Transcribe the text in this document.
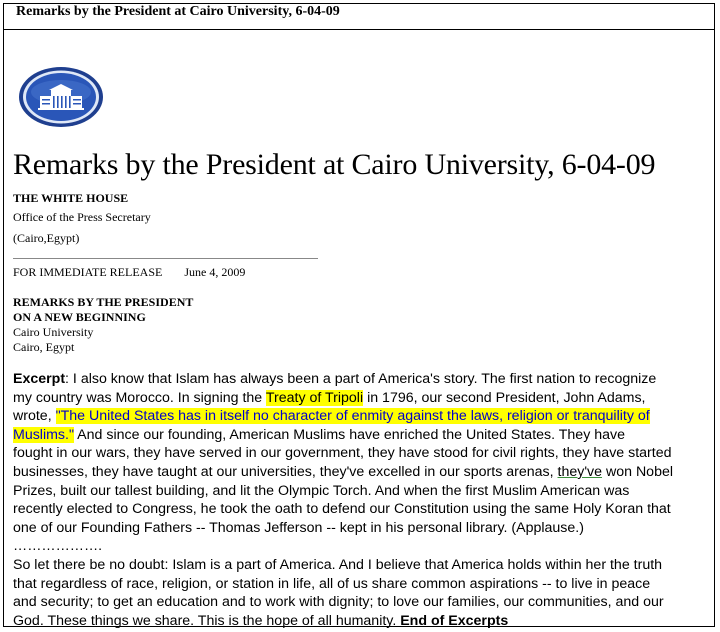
Remarks by the President at Cairo University, 6-04-09
Remarks by the President at Cairo University, 6-04-09
THE WHITE HOUSE
Office of the Press Secretary
(Cairo,Egypt)
FOR IMMEDIATE RELEASE June 4, 2009
REMARKS BY THE PRESIDENT
ON A NEW BEGINNING
Cairo University
Cairo, Egypt
Excerpt: I also know that Islam has always been a part of America's story. The first nation to recognize
my country was Morocco. In signing the Treaty of Tripoli in 1796, our second President, John Adams,
wrote, "The United States has in itself no character of enmity against the laws, religion or tranquility of
Muslims." And since our founding, American Muslims have enriched the United States. They have
fought in our wars, they have served in our government, they have stood for civil rights, they have started
businesses, they have taught at our universities, they've excelled in our sports arenas, they've won Nobel
Prizes, built our tallest building, and lit the Olympic Torch. And when the first Muslim American was
recently elected to Congress, he took the oath to defend our Constitution using the same Holy Koran that
one of our Founding Fathers -- Thomas Jefferson -- kept in his personal library. (Applause.)
……………….
So let there be no doubt: Islam is a part of America. And I believe that America holds within her the truth
that regardless of race, religion, or station in life, all of us share common aspirations -- to live in peace
and security; to get an education and to work with dignity; to love our families, our communities, and our
God. These things we share. This is the hope of all humanity. End of Excerpts
